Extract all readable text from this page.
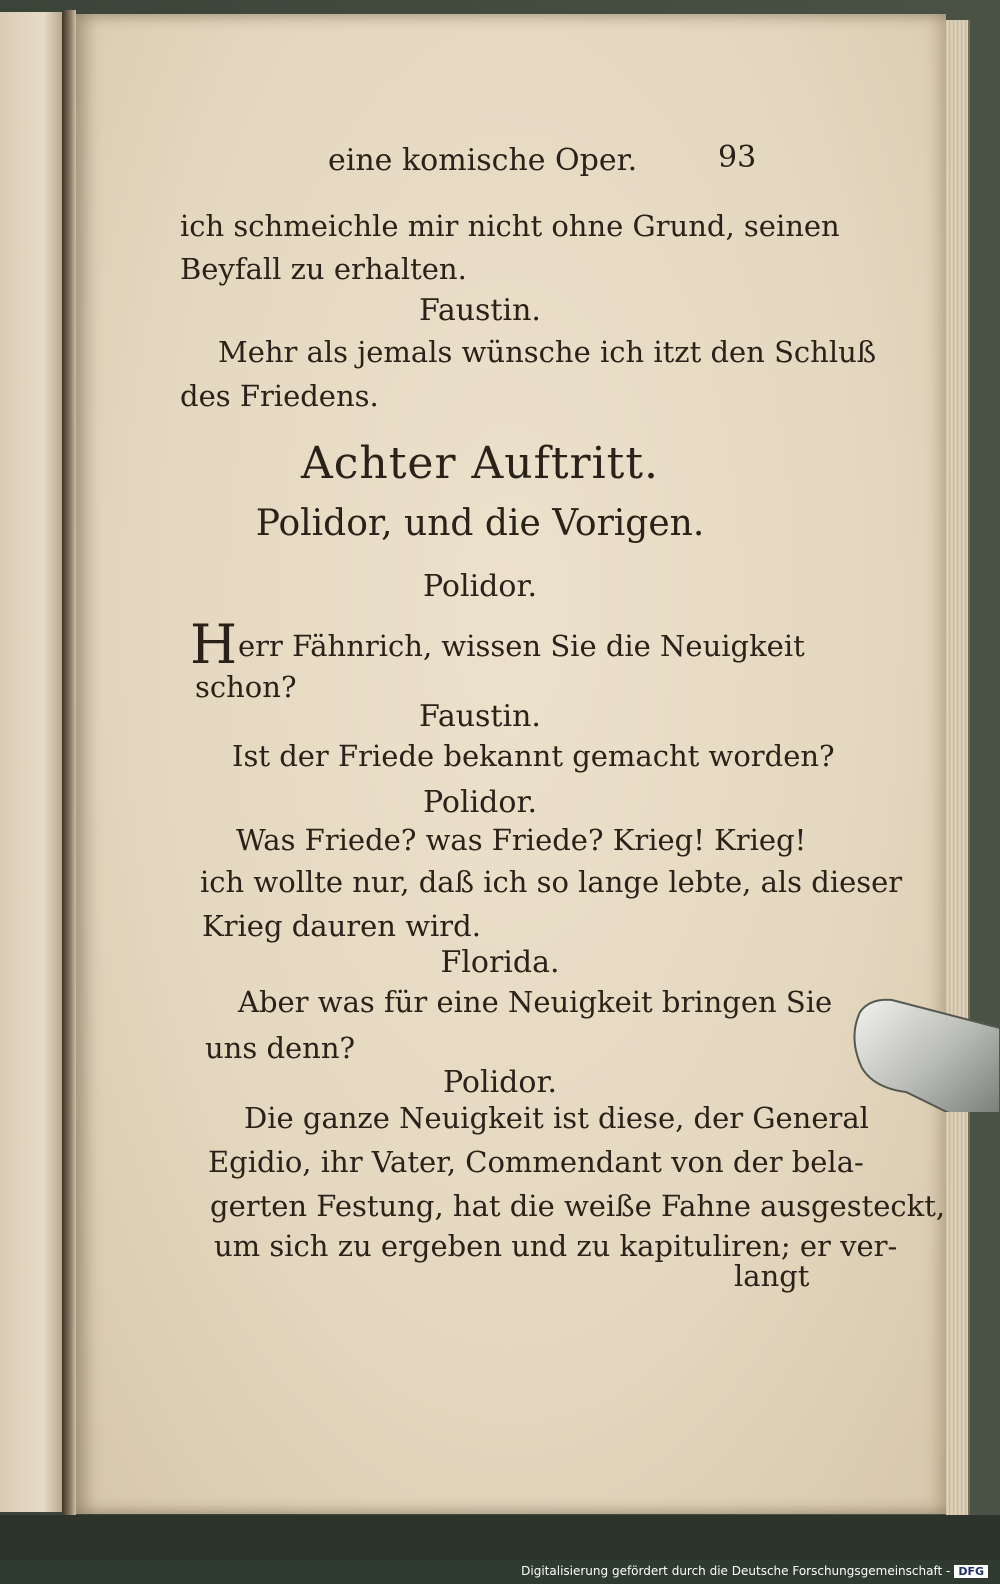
eine komische Oper.	93
ich schmeichle mir nicht ohne Grund, seinen
Beyfall zu erhalten.
Faustin.
Mehr als jemals wünsche ich itzt den Schluß
des Friedens.
Achter Auftritt.
Polidor, und die Vorigen.
Polidor.
H err Fähnrich, wissen Sie die Neuigkeit
schon?
Faustin.
Ist der Friede bekannt gemacht worden?
Polidor.
Was Friede? was Friede? Krieg! Krieg!
ich wollte nur, daß ich so lange lebte, als dieser
Krieg dauren wird.
Florida.
Aber was für eine Neuigkeit bringen Sie
uns denn?
Polidor.
Die ganze Neuigkeit ist diese, der General
Egidio, ihr Vater, Commendant von der bela-
gerten Festung, hat die weiße Fahne ausgesteckt,
um sich zu ergeben und zu kapituliren; er ver-
langt
Digitalisierung gefördert durch die Deutsche Forschungsgemeinschaft - DFG
